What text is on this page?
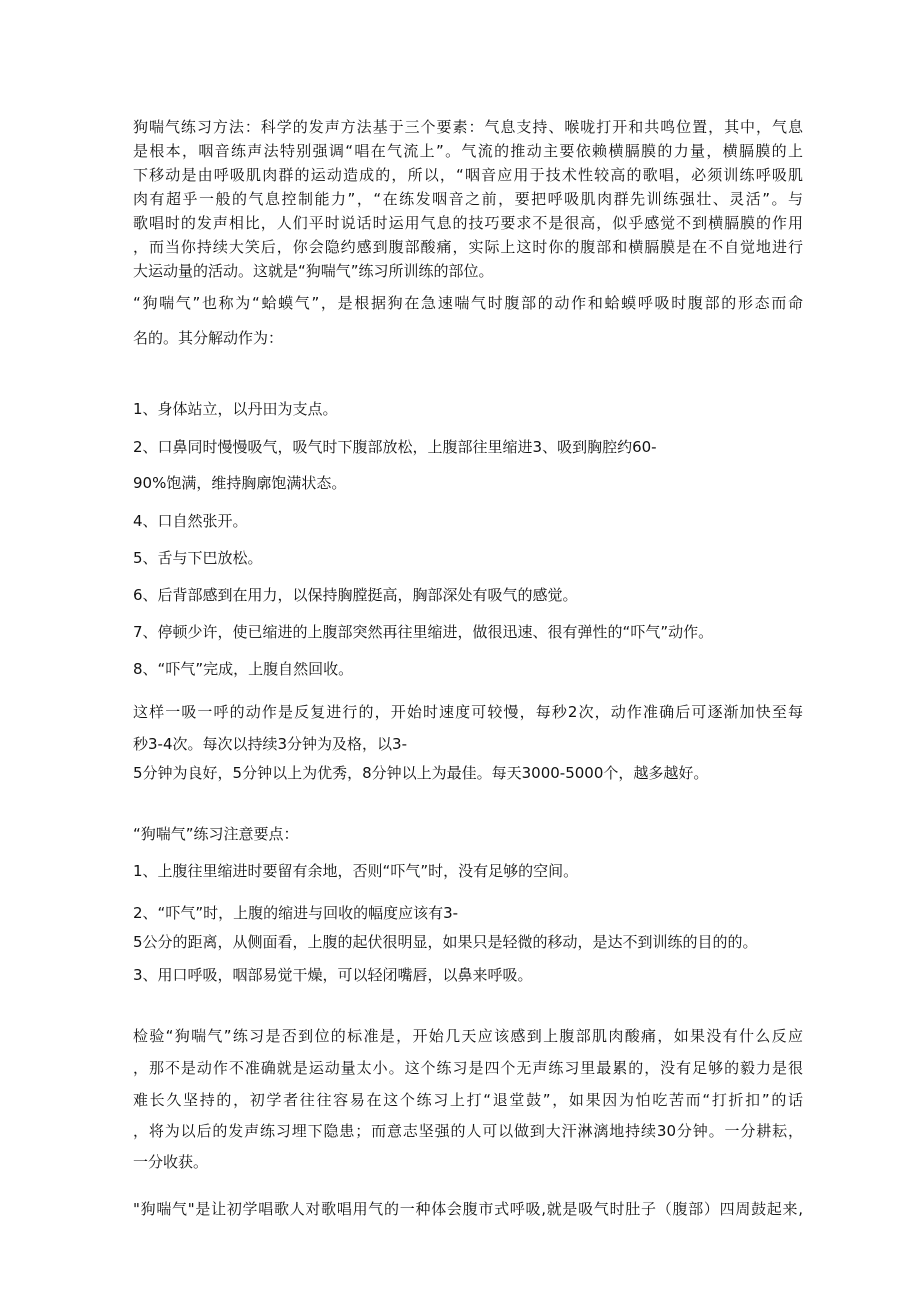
狗喘气练习方法：科学的发声方法基于三个要素：气息支持、喉咙打开和共鸣位置，其中，气息
是根本，咽音练声法特别强调“唱在气流上”。气流的推动主要依赖横膈膜的力量，横膈膜的上
下移动是由呼吸肌肉群的运动造成的，所以，“咽音应用于技术性较高的歌唱，必须训练呼吸肌
肉有超乎一般的气息控制能力”，“在练发咽音之前，要把呼吸肌肉群先训练强壮、灵活”。与
歌唱时的发声相比，人们平时说话时运用气息的技巧要求不是很高，似乎感觉不到横膈膜的作用
，而当你持续大笑后，你会隐约感到腹部酸痛，实际上这时你的腹部和横膈膜是在不自觉地进行
大运动量的活动。这就是“狗喘气”练习所训练的部位。
“狗喘气”也称为“蛤蟆气”，是根据狗在急速喘气时腹部的动作和蛤蟆呼吸时腹部的形态而命
名的。其分解动作为：
1、身体站立，以丹田为支点。
2、口鼻同时慢慢吸气，吸气时下腹部放松，上腹部往里缩进3、吸到胸腔约60-
90%饱满，维持胸廓饱满状态。
4、口自然张开。
5、舌与下巴放松。
6、后背部感到在用力，以保持胸膛挺高，胸部深处有吸气的感觉。
7、停顿少许，使已缩进的上腹部突然再往里缩进，做很迅速、很有弹性的“吓气”动作。
8、“吓气”完成，上腹自然回收。
这样一吸一呼的动作是反复进行的，开始时速度可较慢，每秒2次，动作准确后可逐渐加快至每
秒3-4次。每次以持续3分钟为及格，以3-
5分钟为良好，5分钟以上为优秀，8分钟以上为最佳。每天3000-5000个，越多越好。
“狗喘气”练习注意要点：
1、上腹往里缩进时要留有余地，否则“吓气”时，没有足够的空间。
2、“吓气”时，上腹的缩进与回收的幅度应该有3-
5公分的距离，从侧面看，上腹的起伏很明显，如果只是轻微的移动，是达不到训练的目的的。
3、用口呼吸，咽部易觉干燥，可以轻闭嘴唇，以鼻来呼吸。
检验“狗喘气”练习是否到位的标准是，开始几天应该感到上腹部肌肉酸痛，如果没有什么反应
，那不是动作不准确就是运动量太小。这个练习是四个无声练习里最累的，没有足够的毅力是很
难长久坚持的，初学者往往容易在这个练习上打“退堂鼓”，如果因为怕吃苦而“打折扣”的话
，将为以后的发声练习埋下隐患；而意志坚强的人可以做到大汗淋漓地持续30分钟。一分耕耘，
一分收获。
"狗喘气"是让初学唱歌人对歌唱用气的一种体会腹市式呼吸,就是吸气时肚子（腹部）四周鼓起来,
